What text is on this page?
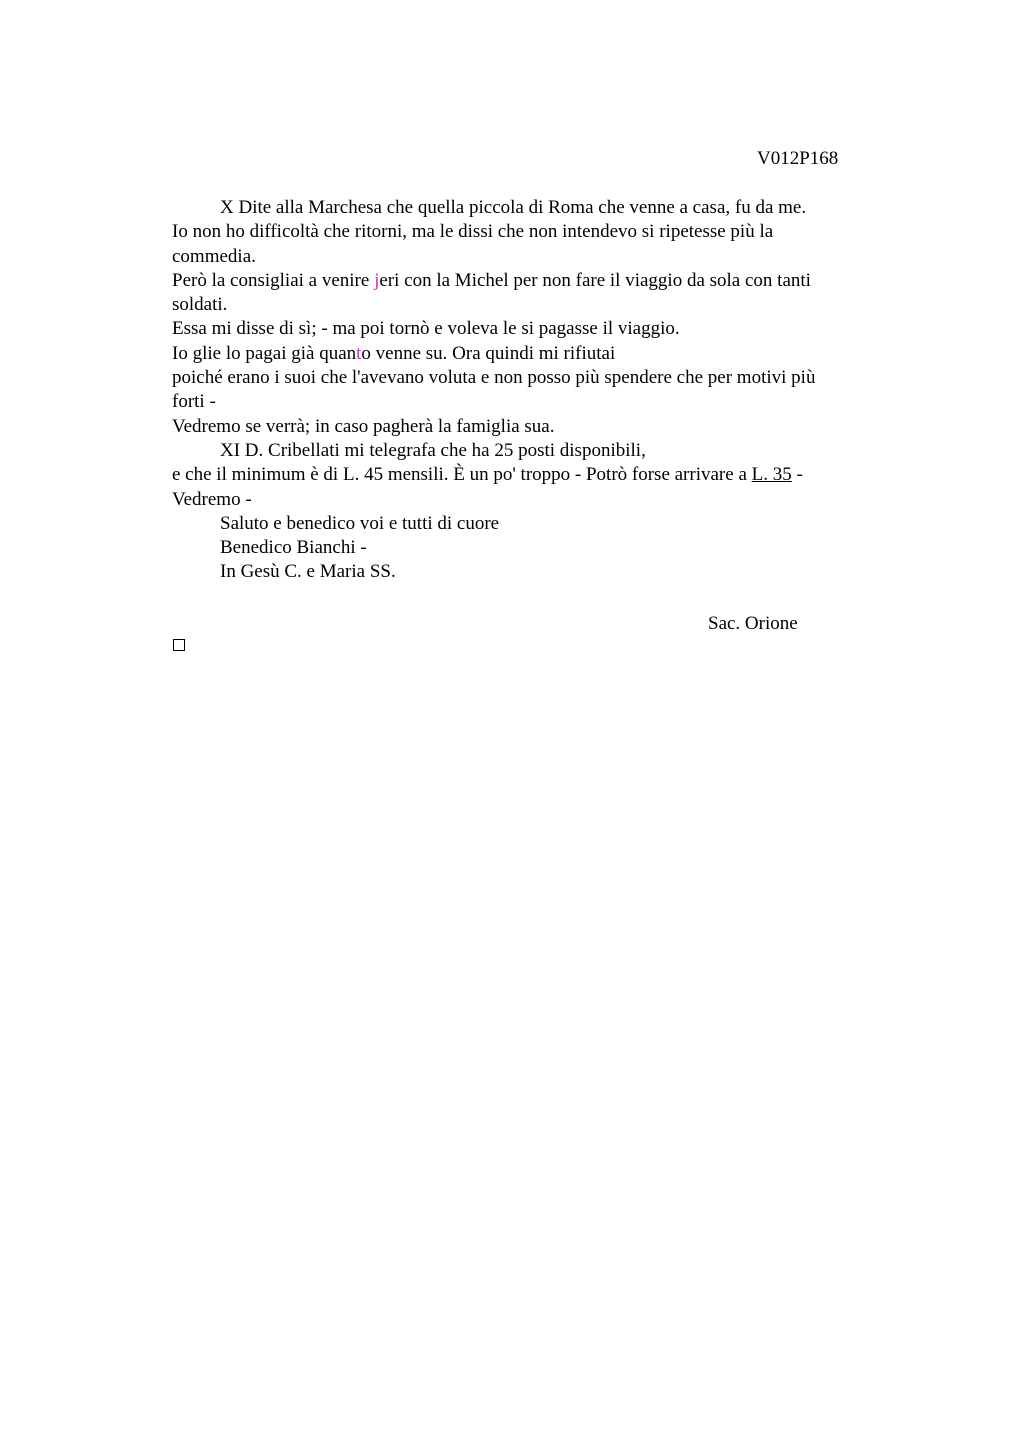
V012P168
X Dite alla Marchesa che quella piccola di Roma che venne a casa, fu da me.
Io non ho difficoltà che ritorni, ma le dissi che non intendevo si ripetesse più la
commedia.
Però la consigliai a venire jeri con la Michel per non fare il viaggio da sola con tanti
soldati.
Essa mi disse di sì; - ma poi tornò e voleva le si pagasse il viaggio.
Io glie lo pagai già quanto venne su. Ora quindi mi rifiutai
poiché erano i suoi che l'avevano voluta e non posso più spendere che per motivi più
forti -
Vedremo se verrà; in caso pagherà la famiglia sua.
XI D. Cribellati mi telegrafa che ha 25 posti disponibili,
e che il minimum è di L. 45 mensili. È un po' troppo - Potrò forse arrivare a L. 35 -
Vedremo -
Saluto e benedico voi e tutti di cuore
Benedico Bianchi -
In Gesù C. e Maria SS.
Sac. Orione
